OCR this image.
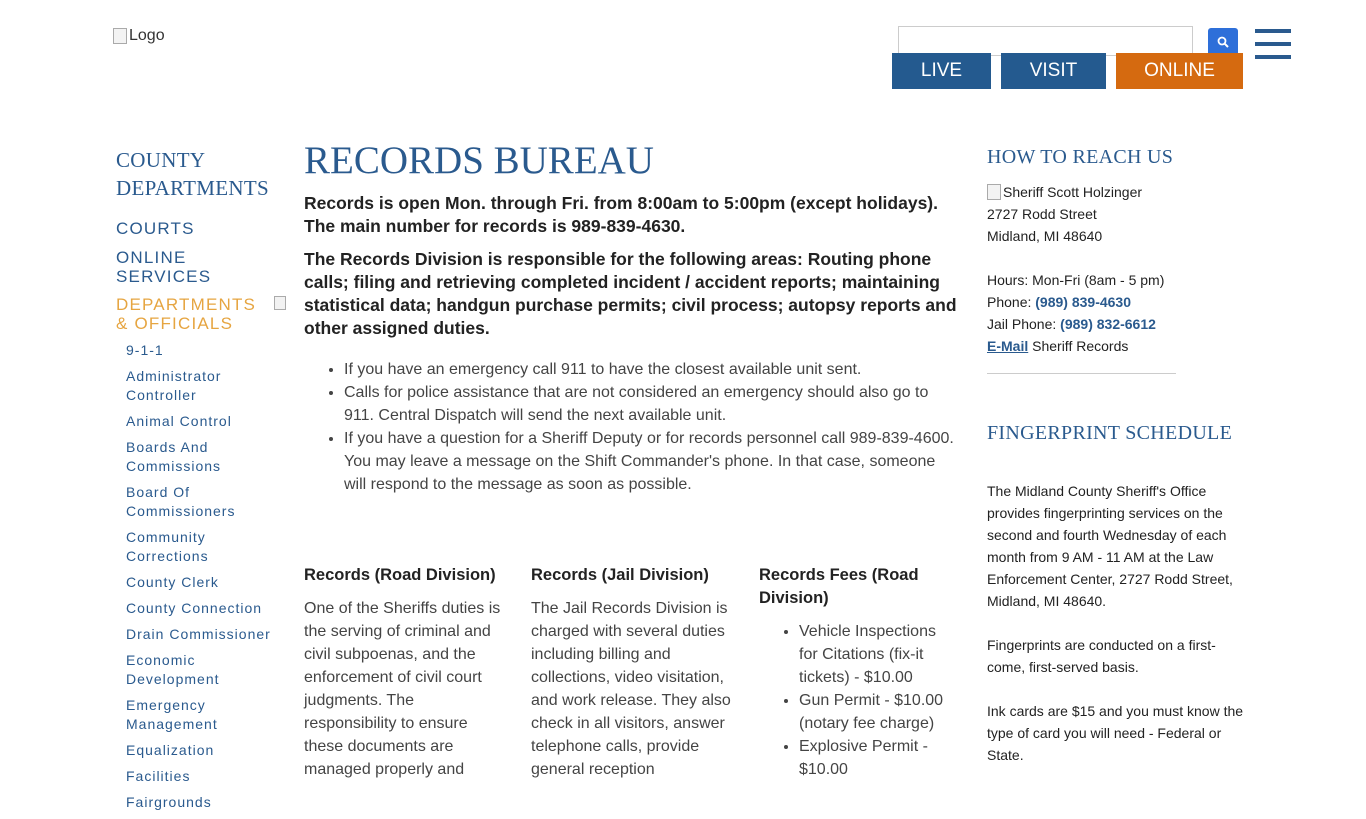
Logo
LIVE	VISIT	ONLINE
COUNTY
DEPARTMENTS
COURTS
ONLINE SERVICES
DEPARTMENTS & OFFICIALS
9-1-1
Administrator Controller
Animal Control
Boards And Commissions
Board Of Commissioners
Community Corrections
County Clerk
County Connection
Drain Commissioner
Economic Development
Emergency Management
Equalization
Facilities
Fairgrounds
RECORDS BUREAU

Records is open Mon. through Fri. from 8:00am to 5:00pm (except holidays). The main number for records is 989-839-4630.

The Records Division is responsible for the following areas: Routing phone calls; filing and retrieving completed incident / accident reports; maintaining statistical data; handgun purchase permits; civil process; autopsy reports and other assigned duties.

• If you have an emergency call 911 to have the closest available unit sent.
• Calls for police assistance that are not considered an emergency should also go to 911. Central Dispatch will send the next available unit.
• If you have a question for a Sheriff Deputy or for records personnel call 989-839-4600. You may leave a message on the Shift Commander's phone. In that case, someone will respond to the message as soon as possible.
Records (Road Division)

One of the Sheriffs duties is the serving of criminal and civil subpoenas, and the enforcement of civil court judgments. The responsibility to ensure these documents are managed properly and

Records (Jail Division)

The Jail Records Division is charged with several duties including billing and collections, video visitation, and work release. They also check in all visitors, answer telephone calls, provide general reception

Records Fees (Road Division)
• Vehicle Inspections for Citations (fix-it tickets) - $10.00
• Gun Permit - $10.00 (notary fee charge)
• Explosive Permit - $10.00
HOW TO REACH US
Sheriff Scott Holzinger
2727 Rodd Street
Midland, MI 48640
Hours: Mon-Fri (8am - 5 pm)
Phone: (989) 839-4630
Jail Phone: (989) 832-6612
E-Mail Sheriff Records
FINGERPRINT SCHEDULE
The Midland County Sheriff's Office provides fingerprinting services on the second and fourth Wednesday of each month from 9 AM - 11 AM at the Law Enforcement Center, 2727 Rodd Street, Midland, MI 48640.
Fingerprints are conducted on a first-come, first-served basis.
Ink cards are $15 and you must know the type of card you will need - Federal or State.
